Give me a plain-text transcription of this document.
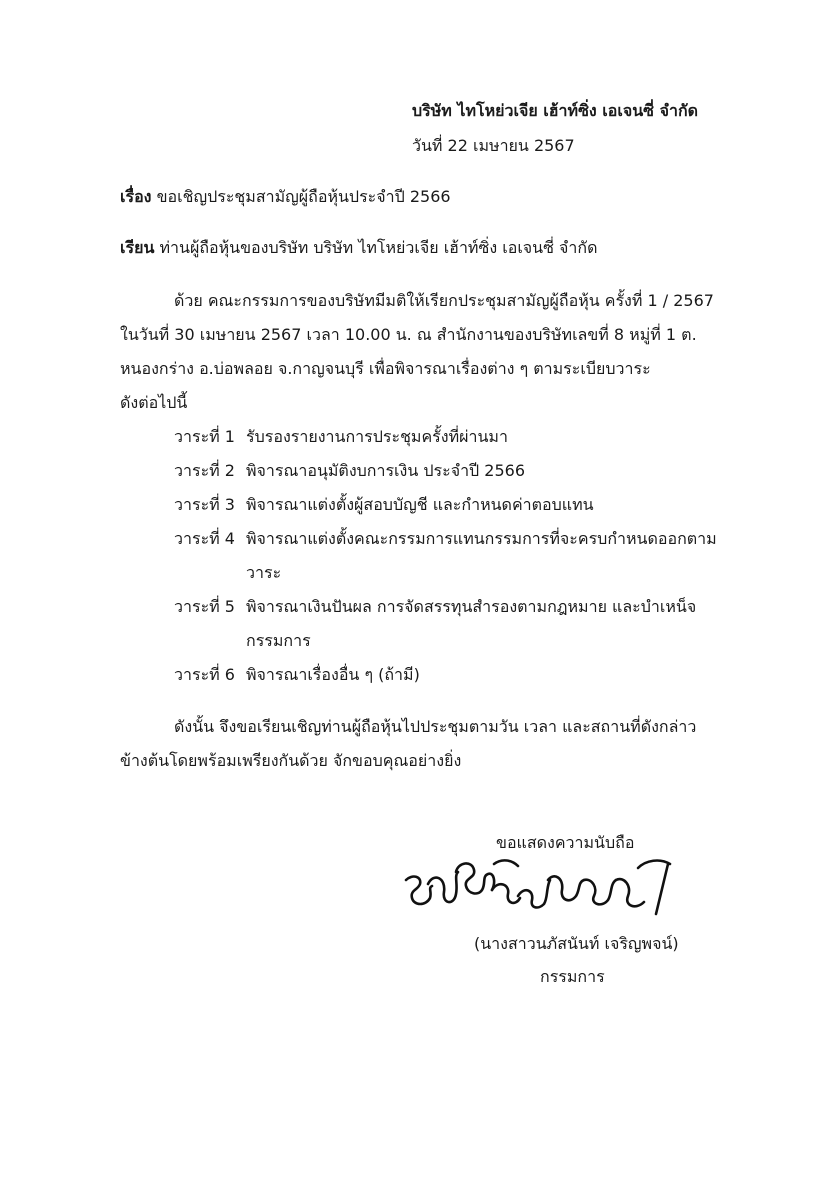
บริษัท ไทโหย่วเจีย เฮ้าท์ซิ่ง เอเจนซี่ จำกัด
วันที่ 22 เมษายน 2567
เรื่อง ขอเชิญประชุมสามัญผู้ถือหุ้นประจำปี 2566
เรียน ท่านผู้ถือหุ้นของบริษัท บริษัท ไทโหย่วเจีย เฮ้าท์ซิ่ง เอเจนซี่ จำกัด
ด้วย คณะกรรมการของบริษัทมีมติให้เรียกประชุมสามัญผู้ถือหุ้น ครั้งที่ 1 / 2567
ในวันที่ 30 เมษายน 2567 เวลา 10.00 น. ณ สำนักงานของบริษัทเลขที่ 8 หมู่ที่ 1 ต.
หนองกร่าง อ.บ่อพลอย จ.กาญจนบุรี เพื่อพิจารณาเรื่องต่าง ๆ ตามระเบียบวาระ
ดังต่อไปนี้
วาระที่ 1 รับรองรายงานการประชุมครั้งที่ผ่านมา
วาระที่ 2 พิจารณาอนุมัติงบการเงิน ประจำปี 2566
วาระที่ 3 พิจารณาแต่งตั้งผู้สอบบัญชี และกำหนดค่าตอบแทน
วาระที่ 4 พิจารณาแต่งตั้งคณะกรรมการแทนกรรมการที่จะครบกำหนดออกตาม
วาระ
วาระที่ 5 พิจารณาเงินปันผล การจัดสรรทุนสำรองตามกฎหมาย และบำเหน็จ
กรรมการ
วาระที่ 6 พิจารณาเรื่องอื่น ๆ (ถ้ามี)
ดังนั้น จึงขอเรียนเชิญท่านผู้ถือหุ้นไปประชุมตามวัน เวลา และสถานที่ดังกล่าว
ข้างต้นโดยพร้อมเพรียงกันด้วย จักขอบคุณอย่างยิ่ง
ขอแสดงความนับถือ
(นางสาวนภัสนันท์ เจริญพจน์)
กรรมการ
